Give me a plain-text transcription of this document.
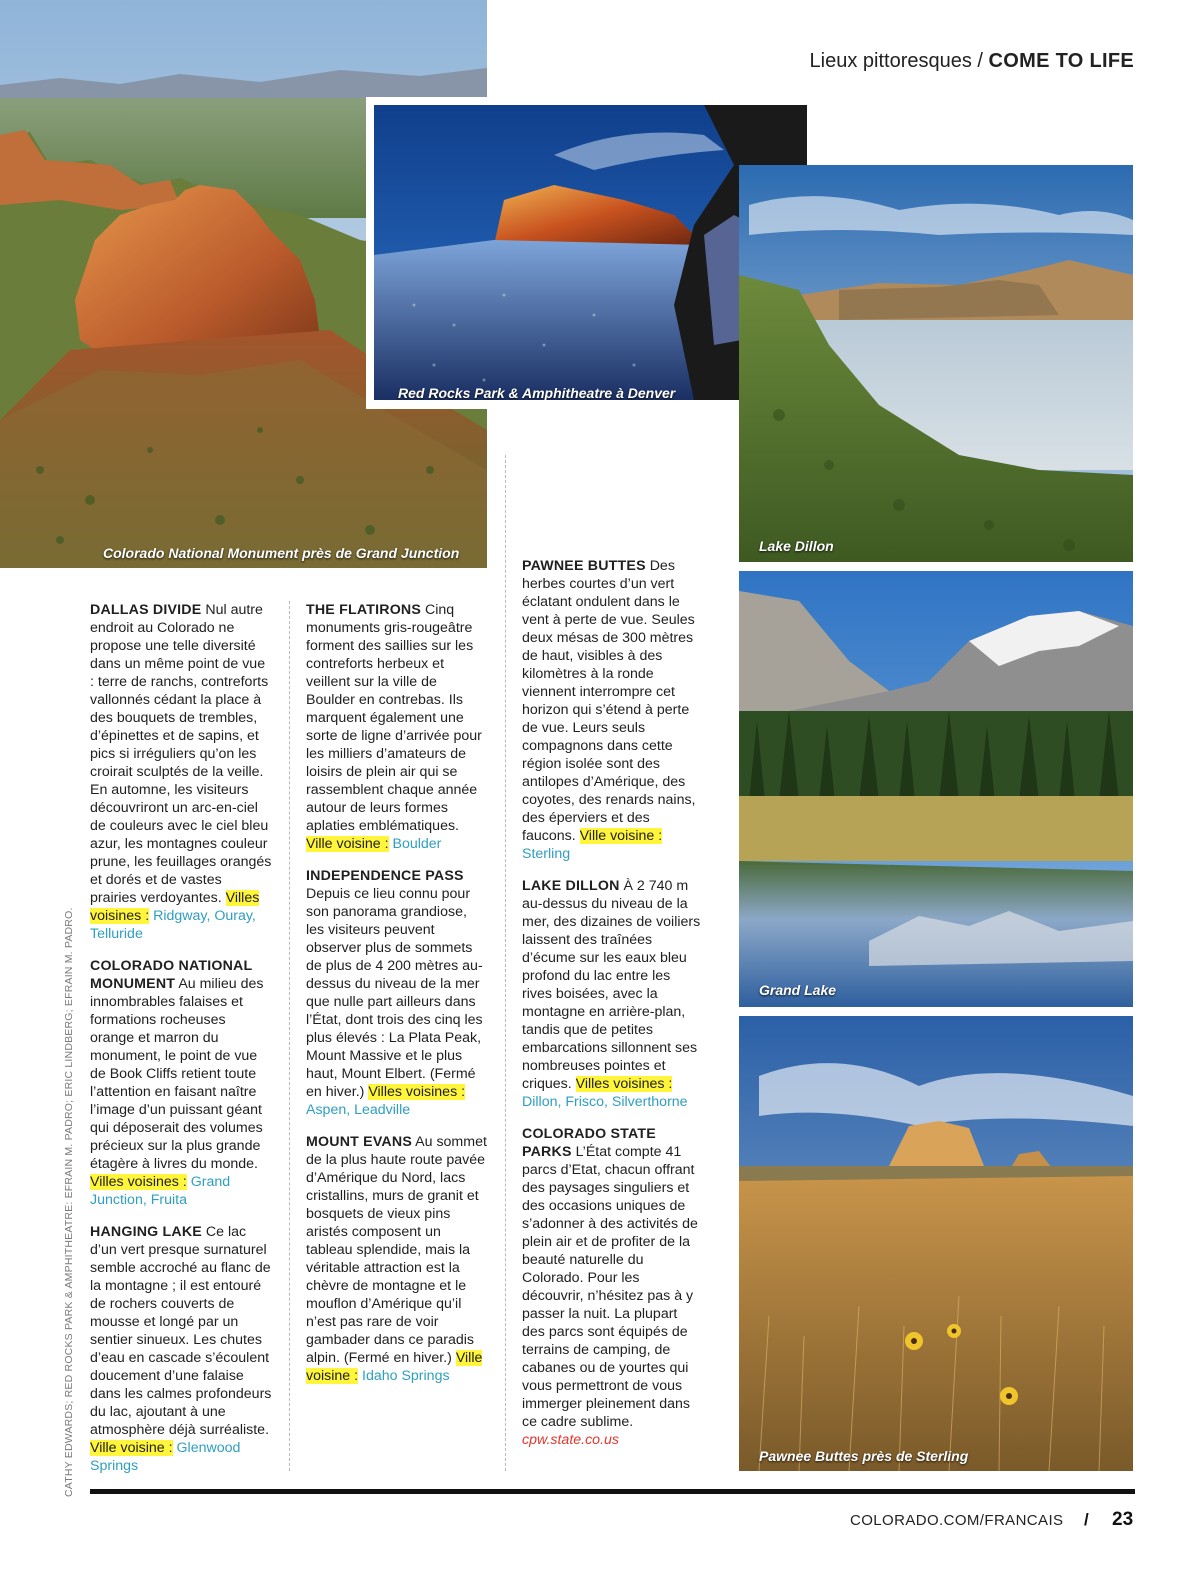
Colorado National Monument près de Grand Junction
Red Rocks Park & Amphitheatre à Denver
Lake Dillon
Grand Lake
Pawnee Buttes près de Sterling
Lieux pittoresques / COME TO LIFE

DALLAS DIVIDE Nul autre endroit au Colorado ne propose une telle diversité dans un même point de vue : terre de ranchs, contreforts vallonnés cédant la place à des bouquets de trembles, d’épinettes et de sapins, et pics si irréguliers qu’on les croirait sculptés de la veille. En automne, les visiteurs découvriront un arc-en-ciel de couleurs avec le ciel bleu azur, les montagnes couleur prune, les feuillages orangés et dorés et de vastes prairies verdoyantes. Villes voisines : Ridgway, Ouray, Telluride

COLORADO NATIONAL MONUMENT Au milieu des innombrables falaises et formations rocheuses orange et marron du monument, le point de vue de Book Cliffs retient toute l’attention en faisant naître l’image d’un puissant géant qui déposerait des volumes précieux sur la plus grande étagère à livres du monde. Villes voisines : Grand Junction, Fruita

HANGING LAKE Ce lac d’un vert presque surnaturel semble accroché au flanc de la montagne ; il est entouré de rochers couverts de mousse et longé par un sentier sinueux. Les chutes d’eau en cascade s’écoulent doucement d’une falaise dans les calmes profondeurs du lac, ajoutant à une atmosphère déjà surréaliste. Ville voisine : Glenwood Springs

THE FLATIRONS Cinq monuments gris-rougeâtre forment des saillies sur les contreforts herbeux et veillent sur la ville de Boulder en contrebas. Ils marquent également une sorte de ligne d’arrivée pour les milliers d’amateurs de loisirs de plein air qui se rassemblent chaque année autour de leurs formes aplaties emblématiques. Ville voisine : Boulder

INDEPENDENCE PASS Depuis ce lieu connu pour son panorama grandiose, les visiteurs peuvent observer plus de sommets de plus de 4 200 mètres au-dessus du niveau de la mer que nulle part ailleurs dans l’État, dont trois des cinq les plus élevés : La Plata Peak, Mount Massive et le plus haut, Mount Elbert. (Fermé en hiver.) Villes voisines : Aspen, Leadville

MOUNT EVANS Au sommet de la plus haute route pavée d’Amérique du Nord, lacs cristallins, murs de granit et bosquets de vieux pins aristés composent un tableau splendide, mais la véritable attraction est la chèvre de montagne et le mouflon d’Amérique qu’il n’est pas rare de voir gambader dans ce paradis alpin. (Fermé en hiver.) Ville voisine : Idaho Springs

PAWNEE BUTTES Des herbes courtes d’un vert éclatant ondulent dans le vent à perte de vue. Seules deux mésas de 300 mètres de haut, visibles à des kilomètres à la ronde viennent interrompre cet horizon qui s’étend à perte de vue. Leurs seuls compagnons dans cette région isolée sont des antilopes d’Amérique, des coyotes, des renards nains, des éperviers et des faucons. Ville voisine : Sterling

LAKE DILLON À 2 740 m au-dessus du niveau de la mer, des dizaines de voiliers laissent des traînées d’écume sur les eaux bleu profond du lac entre les rives boisées, avec la montagne en arrière-plan, tandis que de petites embarcations sillonnent ses nombreuses pointes et criques. Villes voisines : Dillon, Frisco, Silverthorne

COLORADO STATE PARKS L’État compte 41 parcs d’Etat, chacun offrant des paysages singuliers et des occasions uniques de s’adonner à des activités de plein air et de profiter de la beauté naturelle du Colorado. Pour les découvrir, n’hésitez pas à y passer la nuit. La plupart des parcs sont équipés de terrains de camping, de cabanes ou de yourtes qui vous permettront de vous immerger pleinement dans ce cadre sublime. cpw.state.co.us

CATHY EDWARDS; RED ROCKS PARK & AMPHITHEATRE: EFRAIN M. PADRO; ERIC LINDBERG; EFRAIN M. PADRO.
COLORADO.COM/FRANCAIS / 23
